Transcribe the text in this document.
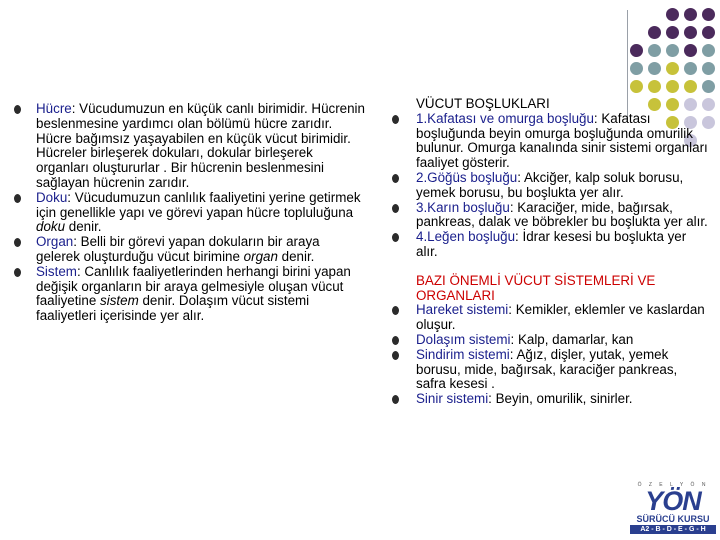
Hücre: Vücudumuzun en küçük canlı birimidir. Hücrenin beslenmesine yardımcı olan bölümü hücre zarıdır. Hücre bağımsız yaşayabilen en küçük vücut birimidir. Hücreler birleşerek dokuları, dokular birleşerek organları oluştururlar . Bir hücrenin beslenmesini sağlayan hücrenin zarıdır.
Doku: Vücudumuzun canlılık faaliyetini yerine getirmek için genellikle yapı ve görevi yapan hücre topluluğuna doku denir.
Organ: Belli bir görevi yapan dokuların bir araya gelerek oluşturduğu vücut birimine organ denir.
Sistem: Canlılık faaliyetlerinden herhangi birini yapan değişik organların bir araya gelmesiyle oluşan vücut faaliyetine sistem denir. Dolaşım vücut sistemi faaliyetleri içerisinde yer alır.
VÜCUT BOŞLUKLARI
1.Kafatası ve omurga boşluğu: Kafatası boşluğunda beyin omurga boşluğunda omurilik bulunur. Omurga kanalında sinir sistemi organları faaliyet gösterir.
2.Göğüs boşluğu: Akciğer, kalp soluk borusu, yemek borusu, bu boşlukta yer alır.
3.Karın boşluğu: Karaciğer, mide, bağırsak, pankreas, dalak ve böbrekler bu boşlukta yer alır.
4.Leğen boşluğu: İdrar kesesi bu boşlukta yer alır.
BAZI ÖNEMLİ VÜCUT SİSTEMLERİ VE ORGANLARI
Hareket sistemi: Kemikler, eklemler ve kaslardan oluşur.
Dolaşım sistemi: Kalp, damarlar, kan
Sindirim sistemi: Ağız, dişler, yutak, yemek borusu, mide, bağırsak, karaciğer pankreas, safra kesesi .
Sinir sistemi: Beyin, omurilik, sinirler.
Ö Z E L Y Ö N
YÖN
SÜRÜCÜ KURSU
A2 - B - D - E - G - H
